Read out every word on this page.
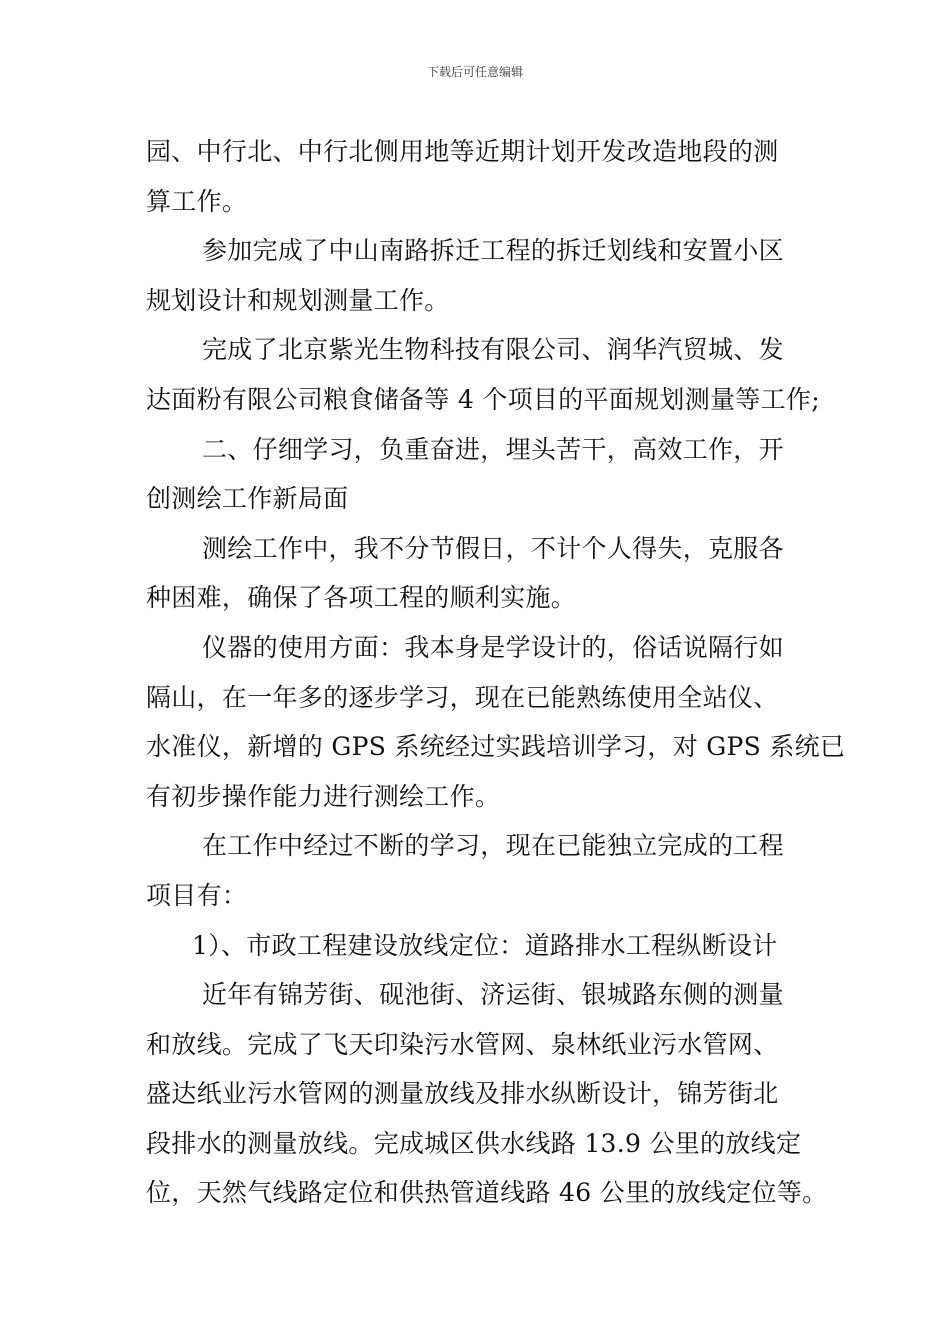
下载后可任意编辑
园、中行北、中行北侧用地等近期计划开发改造地段的测
算工作。
参加完成了中山南路拆迁工程的拆迁划线和安置小区
规划设计和规划测量工作。
完成了北京紫光生物科技有限公司、润华汽贸城、发
达面粉有限公司粮食储备等 4 个项目的平面规划测量等工作;
二、仔细学习，负重奋进，埋头苦干，高效工作，开
创测绘工作新局面
测绘工作中，我不分节假日，不计个人得失，克服各
种困难，确保了各项工程的顺利实施。
仪器的使用方面：我本身是学设计的，俗话说隔行如
隔山，在一年多的逐步学习，现在已能熟练使用全站仪、
水准仪，新增的 GPS 系统经过实践培训学习，对 GPS 系统已
有初步操作能力进行测绘工作。
在工作中经过不断的学习，现在已能独立完成的工程
项目有：
1）、市政工程建设放线定位：道路排水工程纵断设计
近年有锦芳街、砚池街、济运街、银城路东侧的测量
和放线。完成了飞天印染污水管网、泉林纸业污水管网、
盛达纸业污水管网的测量放线及排水纵断设计，锦芳街北
段排水的测量放线。完成城区供水线路 13.9 公里的放线定
位，天然气线路定位和供热管道线路 46 公里的放线定位等。
